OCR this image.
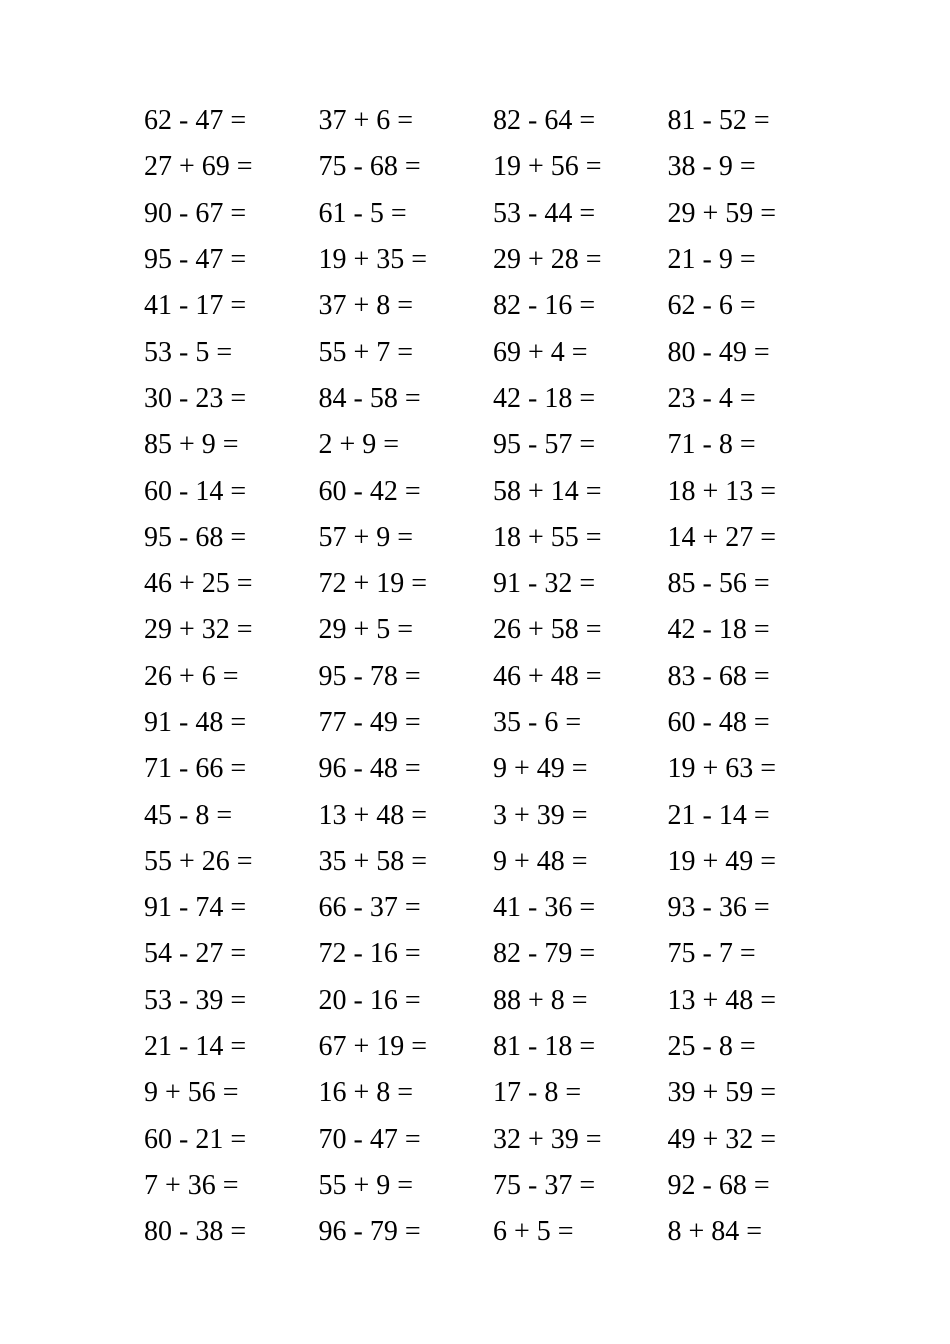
62 - 47 =	37 + 6 =	82 - 64 =	81 - 52 =
27 + 69 =	75 - 68 =	19 + 56 =	38 - 9 =
90 - 67 =	61 - 5 =	53 - 44 =	29 + 59 =
95 - 47 =	19 + 35 =	29 + 28 =	21 - 9 =
41 - 17 =	37 + 8 =	82 - 16 =	62 - 6 =
53 - 5 =	55 + 7 =	69 + 4 =	80 - 49 =
30 - 23 =	84 - 58 =	42 - 18 =	23 - 4 =
85 + 9 =	2 + 9 =	95 - 57 =	71 - 8 =
60 - 14 =	60 - 42 =	58 + 14 =	18 + 13 =
95 - 68 =	57 + 9 =	18 + 55 =	14 + 27 =
46 + 25 =	72 + 19 =	91 - 32 =	85 - 56 =
29 + 32 =	29 + 5 =	26 + 58 =	42 - 18 =
26 + 6 =	95 - 78 =	46 + 48 =	83 - 68 =
91 - 48 =	77 - 49 =	35 - 6 =	60 - 48 =
71 - 66 =	96 - 48 =	9 + 49 =	19 + 63 =
45 - 8 =	13 + 48 =	3 + 39 =	21 - 14 =
55 + 26 =	35 + 58 =	9 + 48 =	19 + 49 =
91 - 74 =	66 - 37 =	41 - 36 =	93 - 36 =
54 - 27 =	72 - 16 =	82 - 79 =	75 - 7 =
53 - 39 =	20 - 16 =	88 + 8 =	13 + 48 =
21 - 14 =	67 + 19 =	81 - 18 =	25 - 8 =
9 + 56 =	16 + 8 =	17 - 8 =	39 + 59 =
60 - 21 =	70 - 47 =	32 + 39 =	49 + 32 =
7 + 36 =	55 + 9 =	75 - 37 =	92 - 68 =
80 - 38 =	96 - 79 =	6 + 5 =	8 + 84 =
